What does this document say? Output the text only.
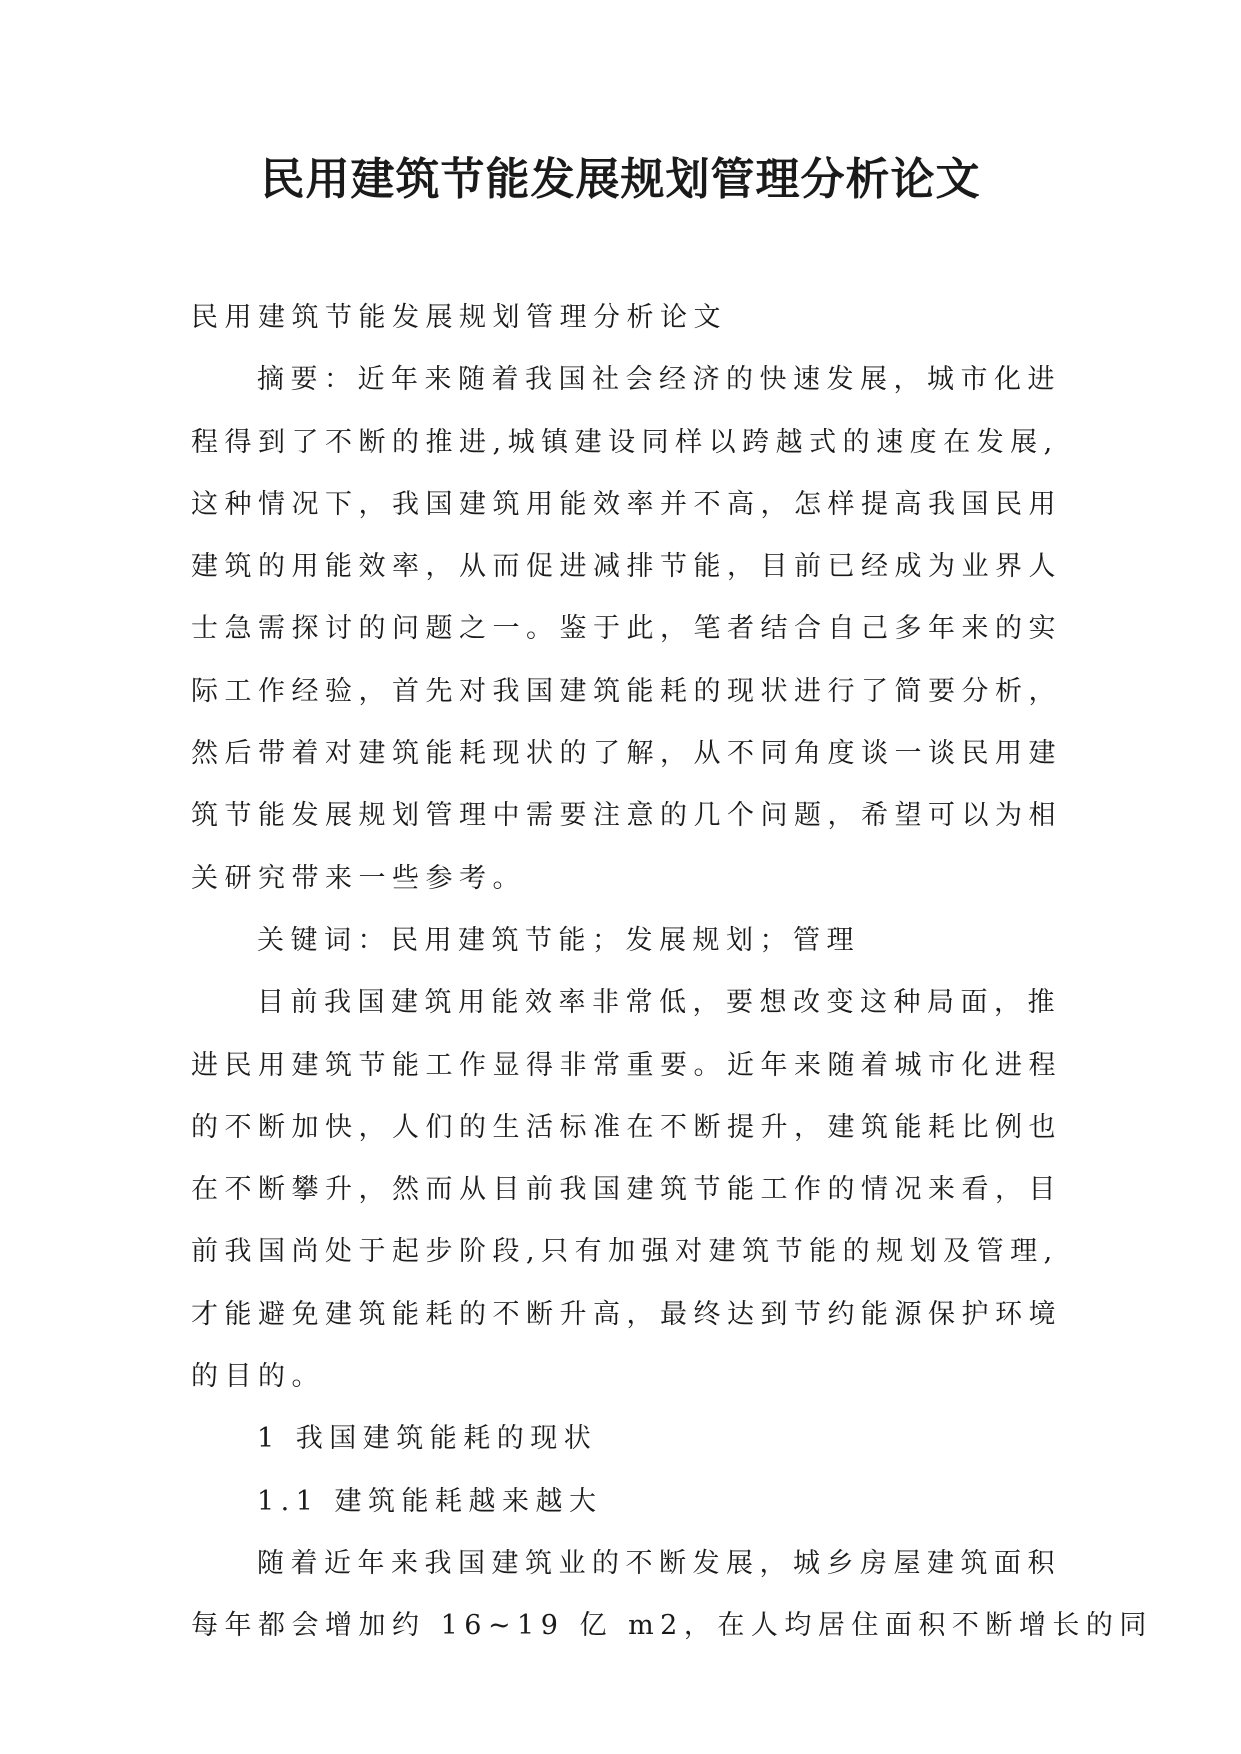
民用建筑节能发展规划管理分析论文
民用建筑节能发展规划管理分析论文
摘要：近年来随着我国社会经济的快速发展，城市化进
程得到了不断的推进,城镇建设同样以跨越式的速度在发展,
这种情况下，我国建筑用能效率并不高，怎样提高我国民用
建筑的用能效率，从而促进减排节能，目前已经成为业界人
士急需探讨的问题之一。鉴于此，笔者结合自己多年来的实
际工作经验，首先对我国建筑能耗的现状进行了简要分析，
然后带着对建筑能耗现状的了解，从不同角度谈一谈民用建
筑节能发展规划管理中需要注意的几个问题，希望可以为相
关研究带来一些参考。
关键词：民用建筑节能；发展规划；管理
目前我国建筑用能效率非常低，要想改变这种局面，推
进民用建筑节能工作显得非常重要。近年来随着城市化进程
的不断加快，人们的生活标准在不断提升，建筑能耗比例也
在不断攀升，然而从目前我国建筑节能工作的情况来看，目
前我国尚处于起步阶段,只有加强对建筑节能的规划及管理,
才能避免建筑能耗的不断升高，最终达到节约能源保护环境
的目的。
1 我国建筑能耗的现状
1.1 建筑能耗越来越大
随着近年来我国建筑业的不断发展，城乡房屋建筑面积
每年都会增加约 16~19 亿 m2，在人均居住面积不断增长的同
